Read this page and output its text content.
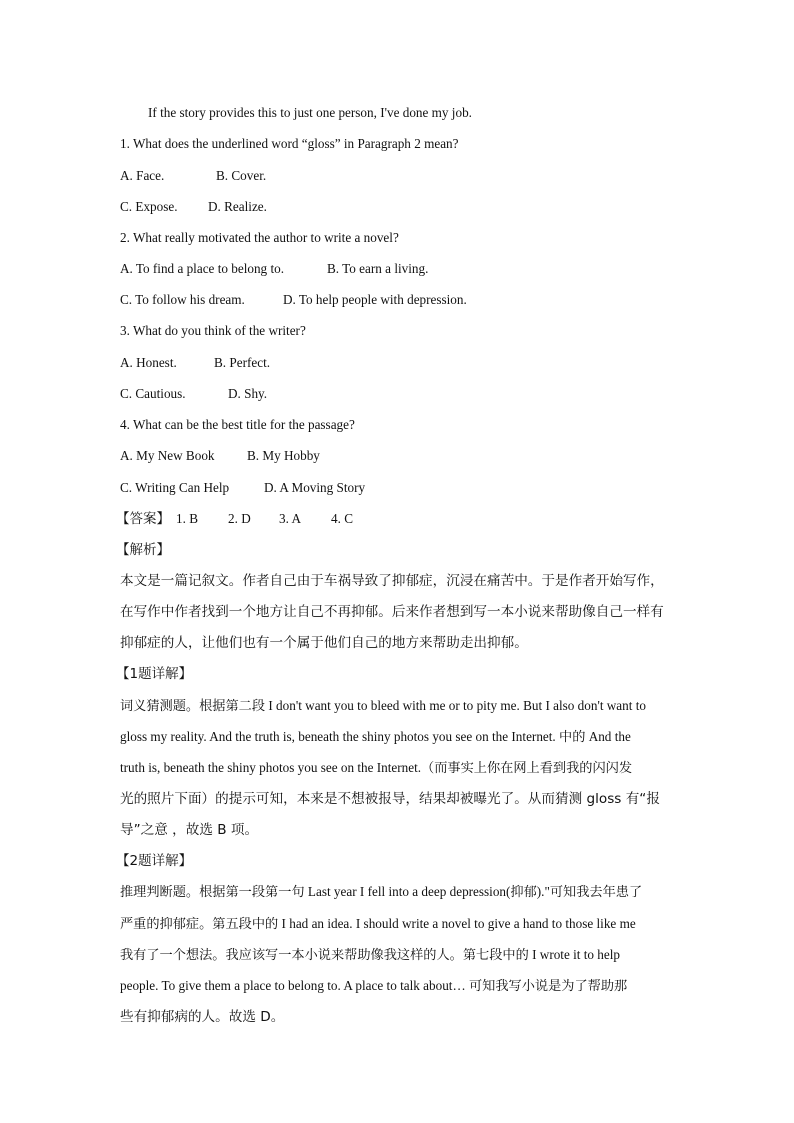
If the story provides this to just one person, I've done my job.
1. What does the underlined word “gloss” in Paragraph 2 mean?
A. Face.	B. Cover.
C. Expose. D. Realize.
2. What really motivated the author to write a novel?
A. To find a place to belong to.	B. To earn a living.
C. To follow his dream.	D. To help people with depression.
3. What do you think of the writer?
A. Honest.	B. Perfect.
C. Cautious.	D. Shy.
4. What can be the best title for the passage?
A. My New Book B. My Hobby
C. Writing Can Help	D. A Moving Story
【答案】 1. B 2. D 3. A 4. C
【解析】
本文是一篇记叙文。作者自己由于车祸导致了抑郁症，沉浸在痛苦中。于是作者开始写作，
在写作中作者找到一个地方让自己不再抑郁。后来作者想到写一本小说来帮助像自己一样有
抑郁症的人，让他们也有一个属于他们自己的地方来帮助走出抑郁。
【1题详解】
词义猜测题。根据第二段 I don't want you to bleed with me or to pity me. But I also don't want to
gloss my reality. And the truth is, beneath the shiny photos you see on the Internet. 中的 And the
truth is, beneath the shiny photos you see on the Internet.（而事实上你在网上看到我的闪闪发
光的照片下面）的提示可知，本来是不想被报导，结果却被曝光了。从而猜测 gloss 有“报
导”之意 ，故选 B 项。
【2题详解】
推理判断题。根据第一段第一句 Last year I fell into a deep depression(抑郁)."可知我去年患了
严重的抑郁症。第五段中的 I had an idea. I should write a novel to give a hand to those like me
我有了一个想法。我应该写一本小说来帮助像我这样的人。第七段中的 I wrote it to help
people. To give them a place to belong to. A place to talk about… 可知我写小说是为了帮助那
些有抑郁病的人。故选 D。
